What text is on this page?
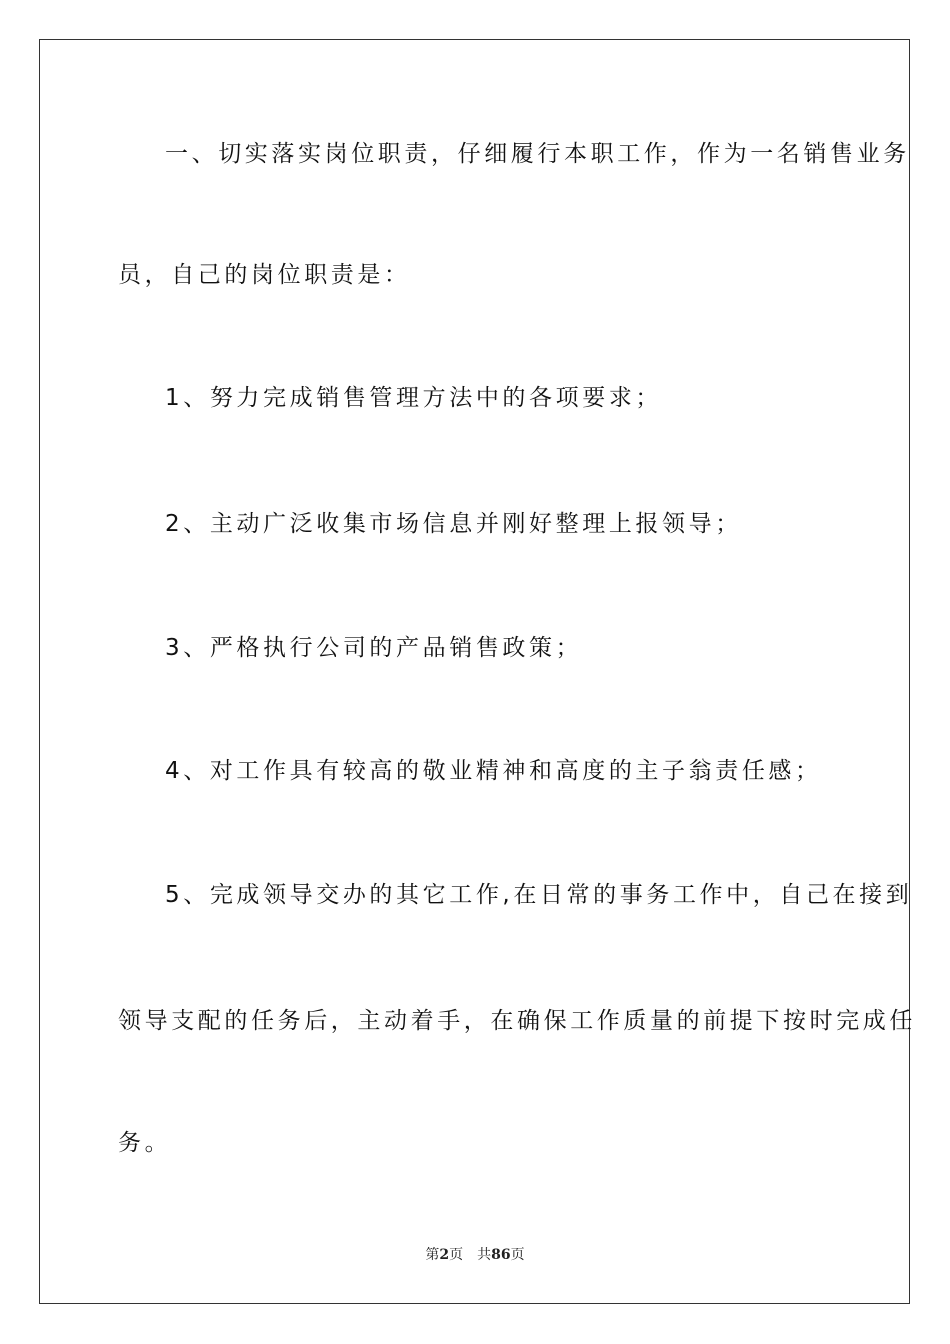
一、切实落实岗位职责，仔细履行本职工作，作为一名销售业务
员，自己的岗位职责是：
1、努力完成销售管理方法中的各项要求；
2、主动广泛收集市场信息并刚好整理上报领导；
3、严格执行公司的产品销售政策；
4、对工作具有较高的敬业精神和高度的主子翁责任感；
5、完成领导交办的其它工作,在日常的事务工作中，自己在接到
领导支配的任务后，主动着手，在确保工作质量的前提下按时完成任
务。
第2页 共86页
